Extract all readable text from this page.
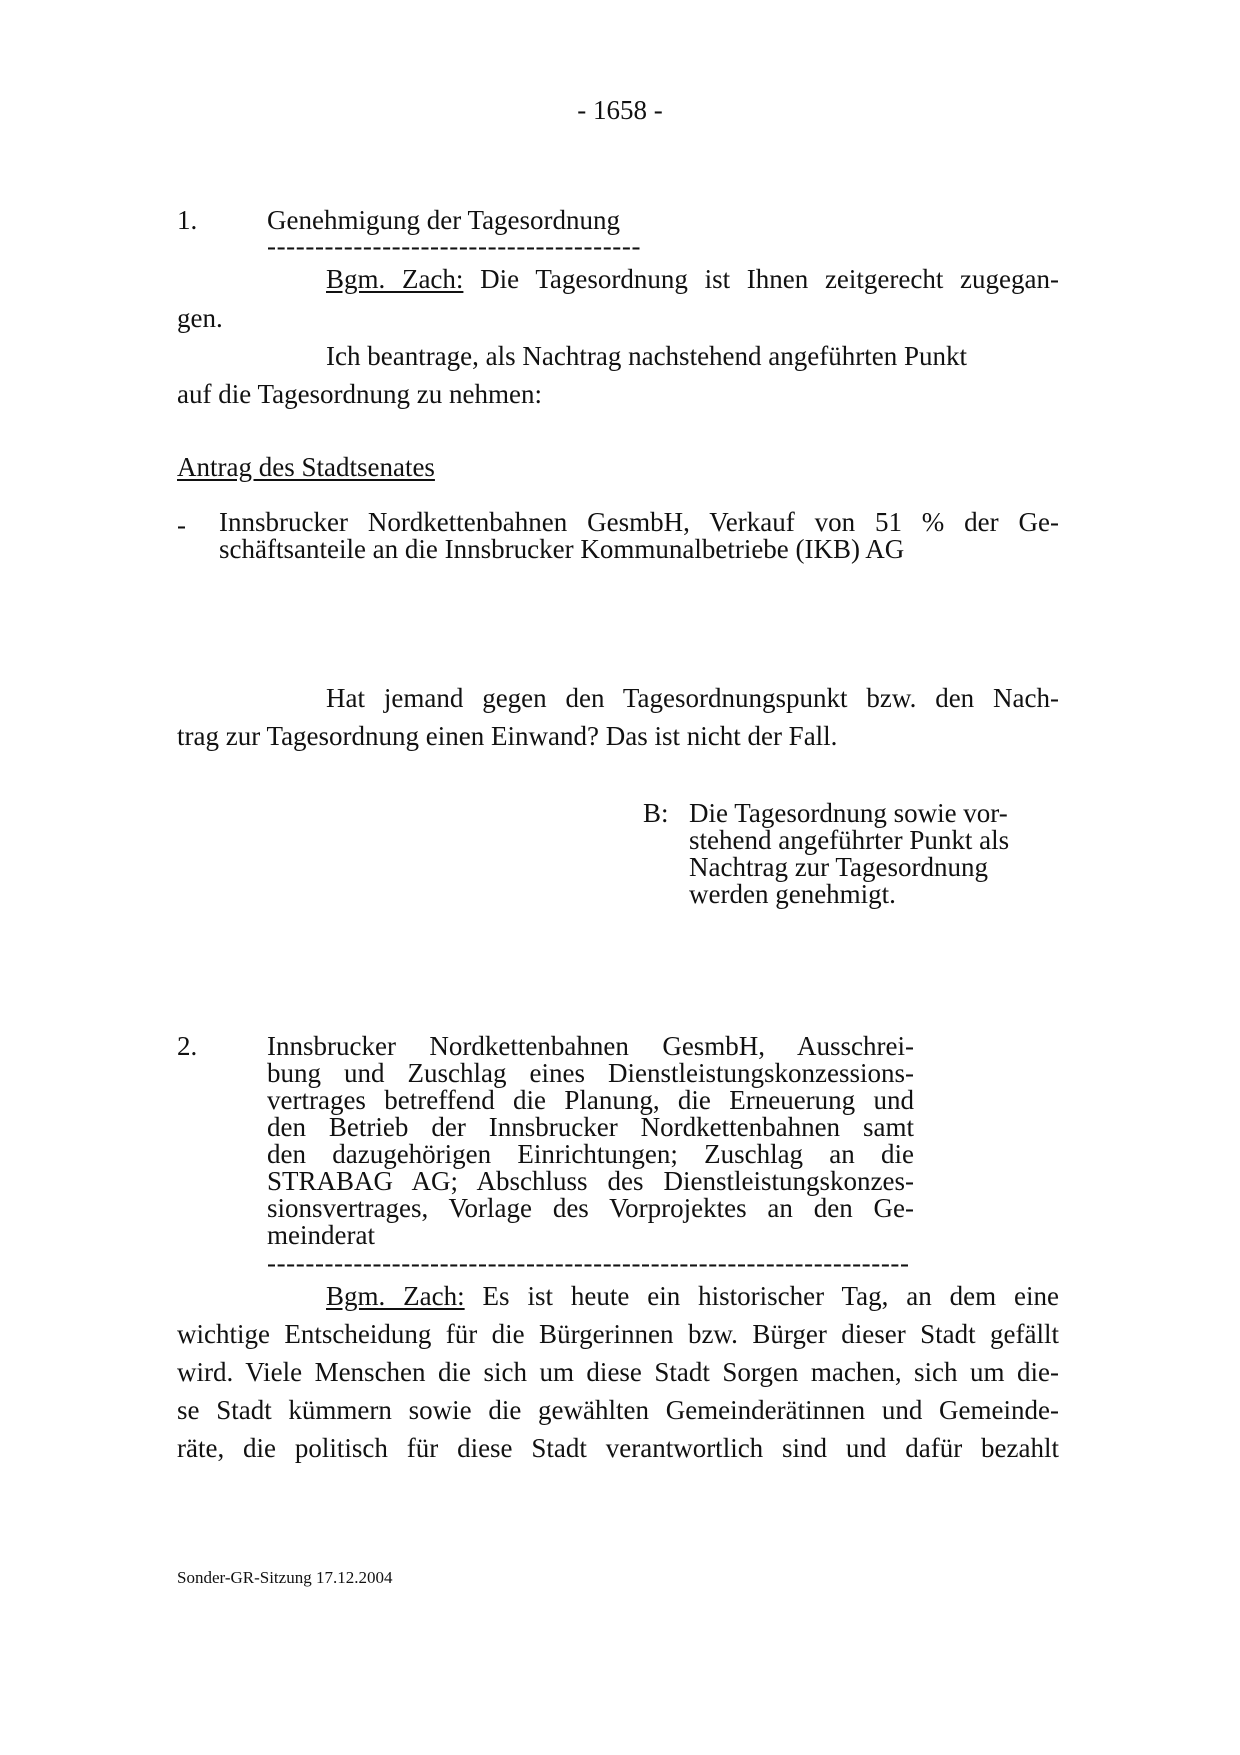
- 1658 -
1.	Genehmigung der Tagesordnung
---------------------------------------
Bgm. Zach: Die Tagesordnung ist Ihnen zeitgerecht zugegan-
gen.
Ich beantrage, als Nachtrag nachstehend angeführten Punkt
auf die Tagesordnung zu nehmen:
Antrag des Stadtsenates
- Innsbrucker Nordkettenbahnen GesmbH, Verkauf von 51 % der Ge-
schäftsanteile an die Innsbrucker Kommunalbetriebe (IKB) AG
Hat jemand gegen den Tagesordnungspunkt bzw. den Nach-
trag zur Tagesordnung einen Einwand? Das ist nicht der Fall.
B: Die Tagesordnung sowie vor-
stehend angeführter Punkt als
Nachtrag zur Tagesordnung
werden genehmigt.
2.	Innsbrucker Nordkettenbahnen GesmbH, Ausschrei-
bung und Zuschlag eines Dienstleistungskonzessions-
vertrages betreffend die Planung, die Erneuerung und
den Betrieb der Innsbrucker Nordkettenbahnen samt
den dazugehörigen Einrichtungen; Zuschlag an die
STRABAG AG; Abschluss des Dienstleistungskonzes-
sionsvertrages, Vorlage des Vorprojektes an den Ge-
meinderat
-------------------------------------------------------------------
Bgm. Zach: Es ist heute ein historischer Tag, an dem eine
wichtige Entscheidung für die Bürgerinnen bzw. Bürger dieser Stadt gefällt
wird. Viele Menschen die sich um diese Stadt Sorgen machen, sich um die-
se Stadt kümmern sowie die gewählten Gemeinderätinnen und Gemeinde-
räte, die politisch für diese Stadt verantwortlich sind und dafür bezahlt
Sonder-GR-Sitzung 17.12.2004
